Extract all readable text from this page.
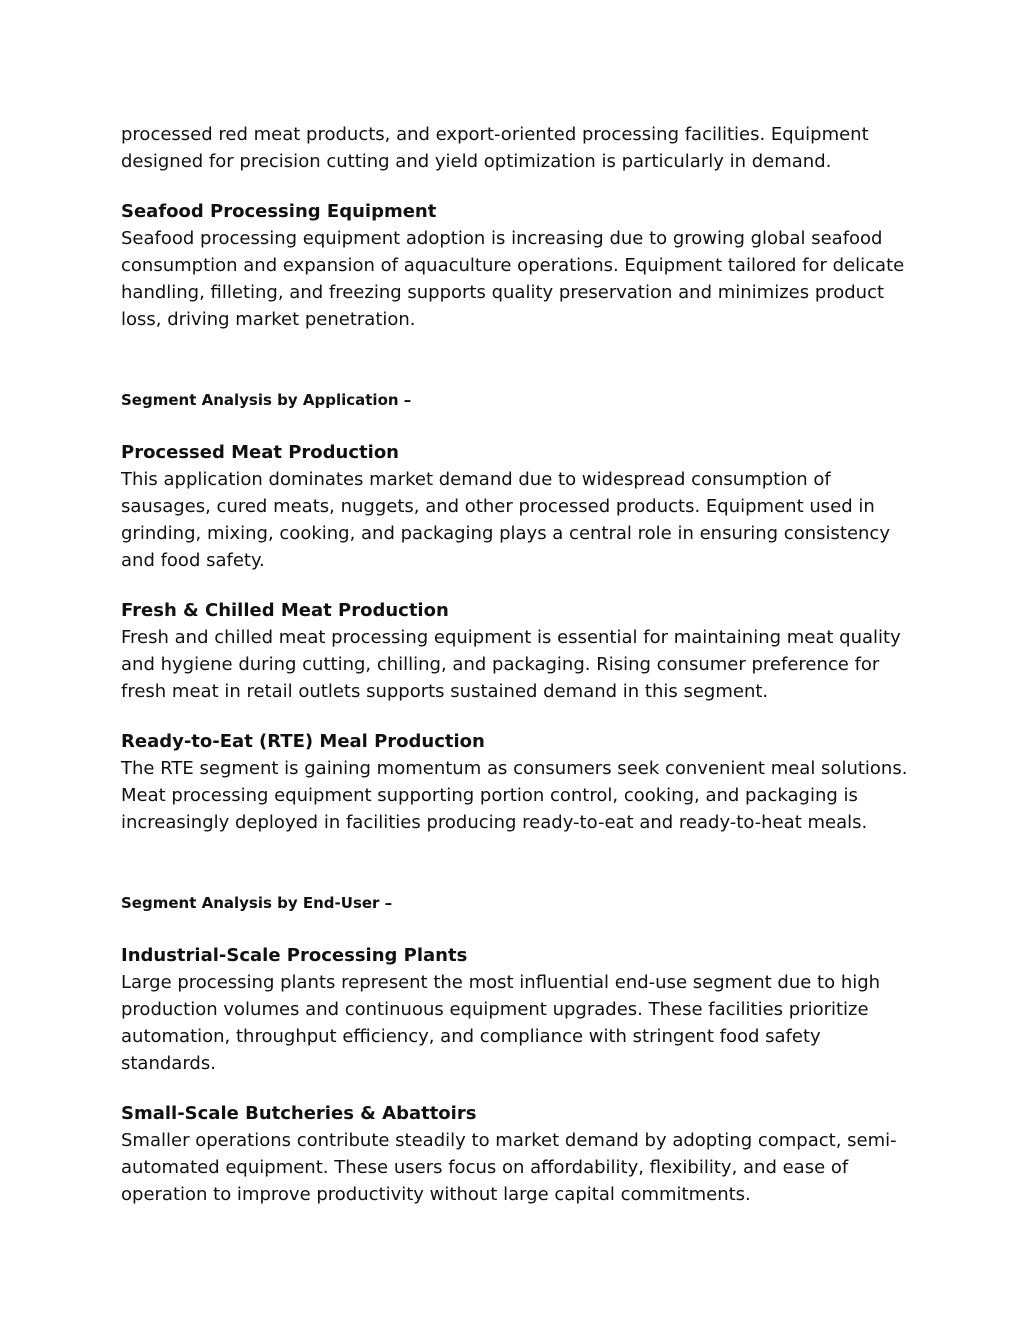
processed red meat products, and export-oriented processing facilities. Equipment designed for precision cutting and yield optimization is particularly in demand.

Seafood Processing Equipment

Seafood processing equipment adoption is increasing due to growing global seafood consumption and expansion of aquaculture operations. Equipment tailored for delicate handling, filleting, and freezing supports quality preservation and minimizes product loss, driving market penetration.

Segment Analysis by Application –

Processed Meat Production

This application dominates market demand due to widespread consumption of sausages, cured meats, nuggets, and other processed products. Equipment used in grinding, mixing, cooking, and packaging plays a central role in ensuring consistency and food safety.

Fresh & Chilled Meat Production

Fresh and chilled meat processing equipment is essential for maintaining meat quality and hygiene during cutting, chilling, and packaging. Rising consumer preference for fresh meat in retail outlets supports sustained demand in this segment.

Ready-to-Eat (RTE) Meal Production

The RTE segment is gaining momentum as consumers seek convenient meal solutions. Meat processing equipment supporting portion control, cooking, and packaging is increasingly deployed in facilities producing ready-to-eat and ready-to-heat meals.

Segment Analysis by End-User –

Industrial-Scale Processing Plants

Large processing plants represent the most influential end-use segment due to high production volumes and continuous equipment upgrades. These facilities prioritize automation, throughput efficiency, and compliance with stringent food safety standards.

Small-Scale Butcheries & Abattoirs

Smaller operations contribute steadily to market demand by adopting compact, semi-automated equipment. These users focus on affordability, flexibility, and ease of operation to improve productivity without large capital commitments.
